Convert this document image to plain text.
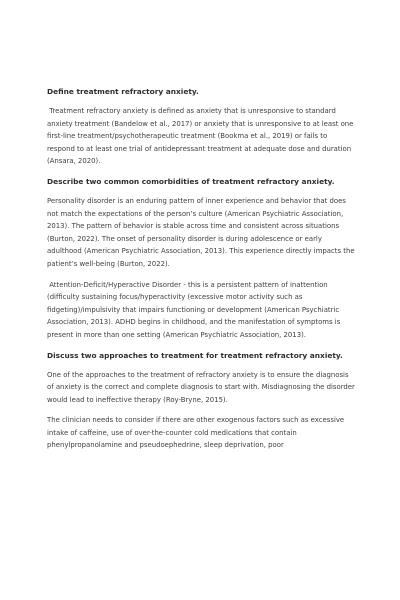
Define treatment refractory anxiety.
Treatment refractory anxiety is defined as anxiety that is unresponsive to standard anxiety treatment (Bandelow et al., 2017) or anxiety that is unresponsive to at least one first-line treatment/psychotherapeutic treatment (Bookma et al., 2019) or fails to respond to at least one trial of antidepressant treatment at adequate dose and duration (Ansara, 2020).
Describe two common comorbidities of treatment refractory anxiety.
Personality disorder is an enduring pattern of inner experience and behavior that does not match the expectations of the person’s culture (American Psychiatric Association, 2013). The pattern of behavior is stable across time and consistent across situations (Burton, 2022). The onset of personality disorder is during adolescence or early adulthood (American Psychiatric Association, 2013). This experience directly impacts the patient’s well-being (Burton, 2022).
Attention-Deficit/Hyperactive Disorder - this is a persistent pattern of inattention (difficulty sustaining focus/hyperactivity (excessive motor activity such as fidgeting)/impulsivity that impairs functioning or development (American Psychiatric Association, 2013). ADHD begins in childhood, and the manifestation of symptoms is present in more than one setting (American Psychiatric Association, 2013).
Discuss two approaches to treatment for treatment refractory anxiety.
One of the approaches to the treatment of refractory anxiety is to ensure the diagnosis of anxiety is the correct and complete diagnosis to start with. Misdiagnosing the disorder would lead to ineffective therapy (Roy-Bryne, 2015).
The clinician needs to consider if there are other exogenous factors such as excessive intake of caffeine, use of over-the-counter cold medications that contain phenylpropanolamine and pseudoephedrine, sleep deprivation, poor
